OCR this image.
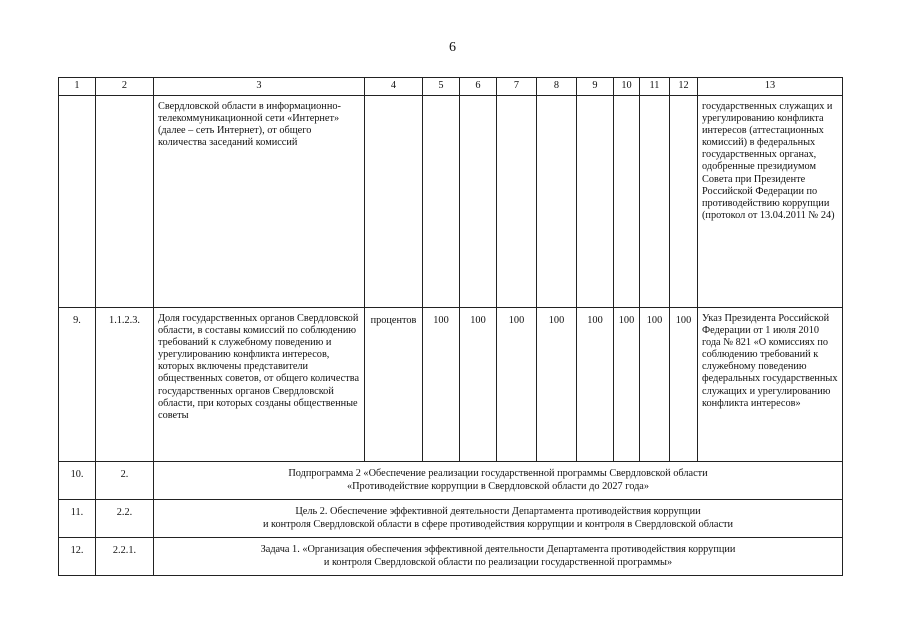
6
1	2	3	4	5	6	7	8	9	10	11	12	13
		Свердловской области в информационно-телекоммуникационной сети «Интернет» (далее – сеть Интернет), от общего количества заседаний комиссий										государственных служащих и урегулированию конфликта интересов (аттестационных комиссий) в федеральных государственных органах, одобренные президиумом Совета при Президенте Российской Федерации по противодействию коррупции (протокол от 13.04.2011 № 24)
9.	1.1.2.3.	Доля государственных органов Свердловской области, в составы комиссий по соблюдению требований к служебному поведению и урегулированию конфликта интересов, которых включены представители общественных советов, от общего количества государственных органов Свердловской области, при которых созданы общественные советы	процентов	100	100	100	100	100	100	100	100	Указ Президента Российской Федерации от 1 июля 2010 года № 821 «О комиссиях по соблюдению требований к служебному поведению федеральных государственных служащих и урегулированию конфликта интересов»
10.	2.	Подпрограмма 2 «Обеспечение реализации государственной программы Свердловской области
«Противодействие коррупции в Свердловской области до 2027 года»										

11.	2.2.	Цель 2. Обеспечение эффективной деятельности Департамента противодействия коррупции
и контроля Свердловской области в сфере противодействия коррупции и контроля в Свердловской области										

12.	2.2.1.	Задача 1. «Организация обеспечения эффективной деятельности Департамента противодействия коррупции
и контроля Свердловской области по реализации государственной программы»										
